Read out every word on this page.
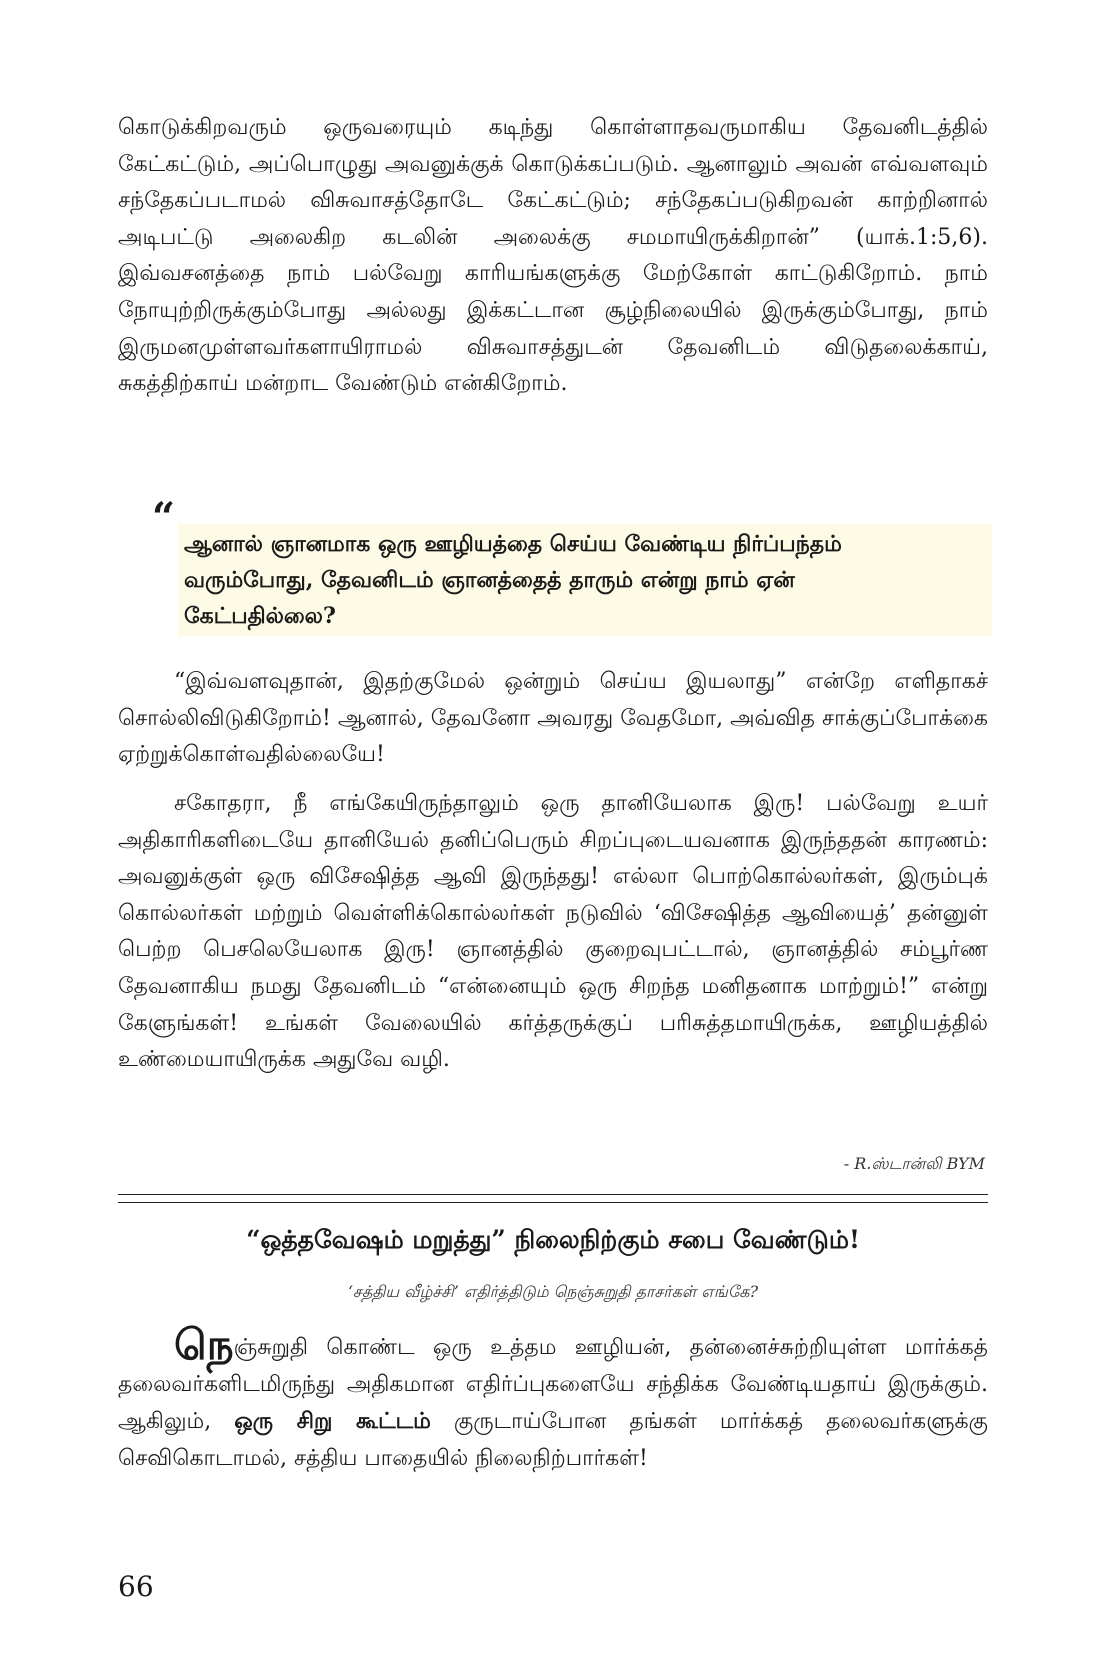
கொடுக்கிறவரும் ஒருவரையும் கடிந்து கொள்ளாதவருமாகிய தேவனிடத்தில் கேட்கட்டும், அப்பொழுது அவனுக்குக் கொடுக்கப்படும். ஆனாலும் அவன் எவ்வளவும் சந்தேகப்படாமல் விசுவாசத்தோடே கேட்கட்டும்; சந்தேகப்படுகிறவன் காற்றினால் அடிபட்டு அலைகிற கடலின் அலைக்கு சமமாயிருக்கிறான்” (யாக்.1:5,6). இவ்வசனத்தை நாம் பல்வேறு காரியங்களுக்கு மேற்கோள் காட்டுகிறோம். நாம் நோயுற்றிருக்கும்போது அல்லது இக்கட்டான சூழ்நிலையில் இருக்கும்போது, நாம் இருமனமுள்ளவர்களாயிராமல் விசுவாசத்துடன் தேவனிடம் விடுதலைக்காய், சுகத்திற்காய் மன்றாட வேண்டும் என்கிறோம்.

“
ஆனால் ஞானமாக ஒரு ஊழியத்தை செய்ய வேண்டிய நிர்ப்பந்தம்
வரும்போது, தேவனிடம் ஞானத்தைத் தாரும் என்று நாம் ஏன்
கேட்பதில்லை?

“இவ்வளவுதான், இதற்குமேல் ஒன்றும் செய்ய இயலாது” என்றே எளிதாகச் சொல்லிவிடுகிறோம்! ஆனால், தேவனோ அவரது வேதமோ, அவ்வித சாக்குப்போக்கை ஏற்றுக்கொள்வதில்லையே!

சகோதரா, நீ எங்கேயிருந்தாலும் ஒரு தானியேலாக இரு! பல்வேறு உயர் அதிகாரிகளிடையே தானியேல் தனிப்பெரும் சிறப்புடையவனாக இருந்ததன் காரணம்: அவனுக்குள் ஒரு விசேஷித்த ஆவி இருந்தது! எல்லா பொற்கொல்லர்கள், இரும்புக் கொல்லர்கள் மற்றும் வெள்ளிக்கொல்லர்கள் நடுவில் ‘விசேஷித்த ஆவியைத்’ தன்னுள் பெற்ற பெசலெயேலாக இரு! ஞானத்தில் குறைவுபட்டால், ஞானத்தில் சம்பூர்ண தேவனாகிய நமது தேவனிடம் “என்னையும் ஒரு சிறந்த மனிதனாக மாற்றும்!” என்று கேளுங்கள்! உங்கள் வேலையில் கர்த்தருக்குப் பரிசுத்தமாயிருக்க, ஊழியத்தில் உண்மையாயிருக்க அதுவே வழி.

- R.ஸ்டான்லி BYM
“ஒத்தவேஷம் மறுத்து” நிலைநிற்கும் சபை வேண்டும்!
‘சத்திய வீழ்ச்சி’ எதிர்த்திடும் நெஞ்சுறுதி தாசர்கள் எங்கே?

நெஞ்சுறுதி கொண்ட ஒரு உத்தம ஊழியன், தன்னைச்சுற்றியுள்ள மார்க்கத் தலைவர்களிடமிருந்து அதிகமான எதிர்ப்புகளையே சந்திக்க வேண்டியதாய் இருக்கும். ஆகிலும், ஒரு சிறு கூட்டம் குருடாய்போன தங்கள் மார்க்கத் தலைவர்களுக்கு செவிகொடாமல், சத்திய பாதையில் நிலைநிற்பார்கள்!

66
